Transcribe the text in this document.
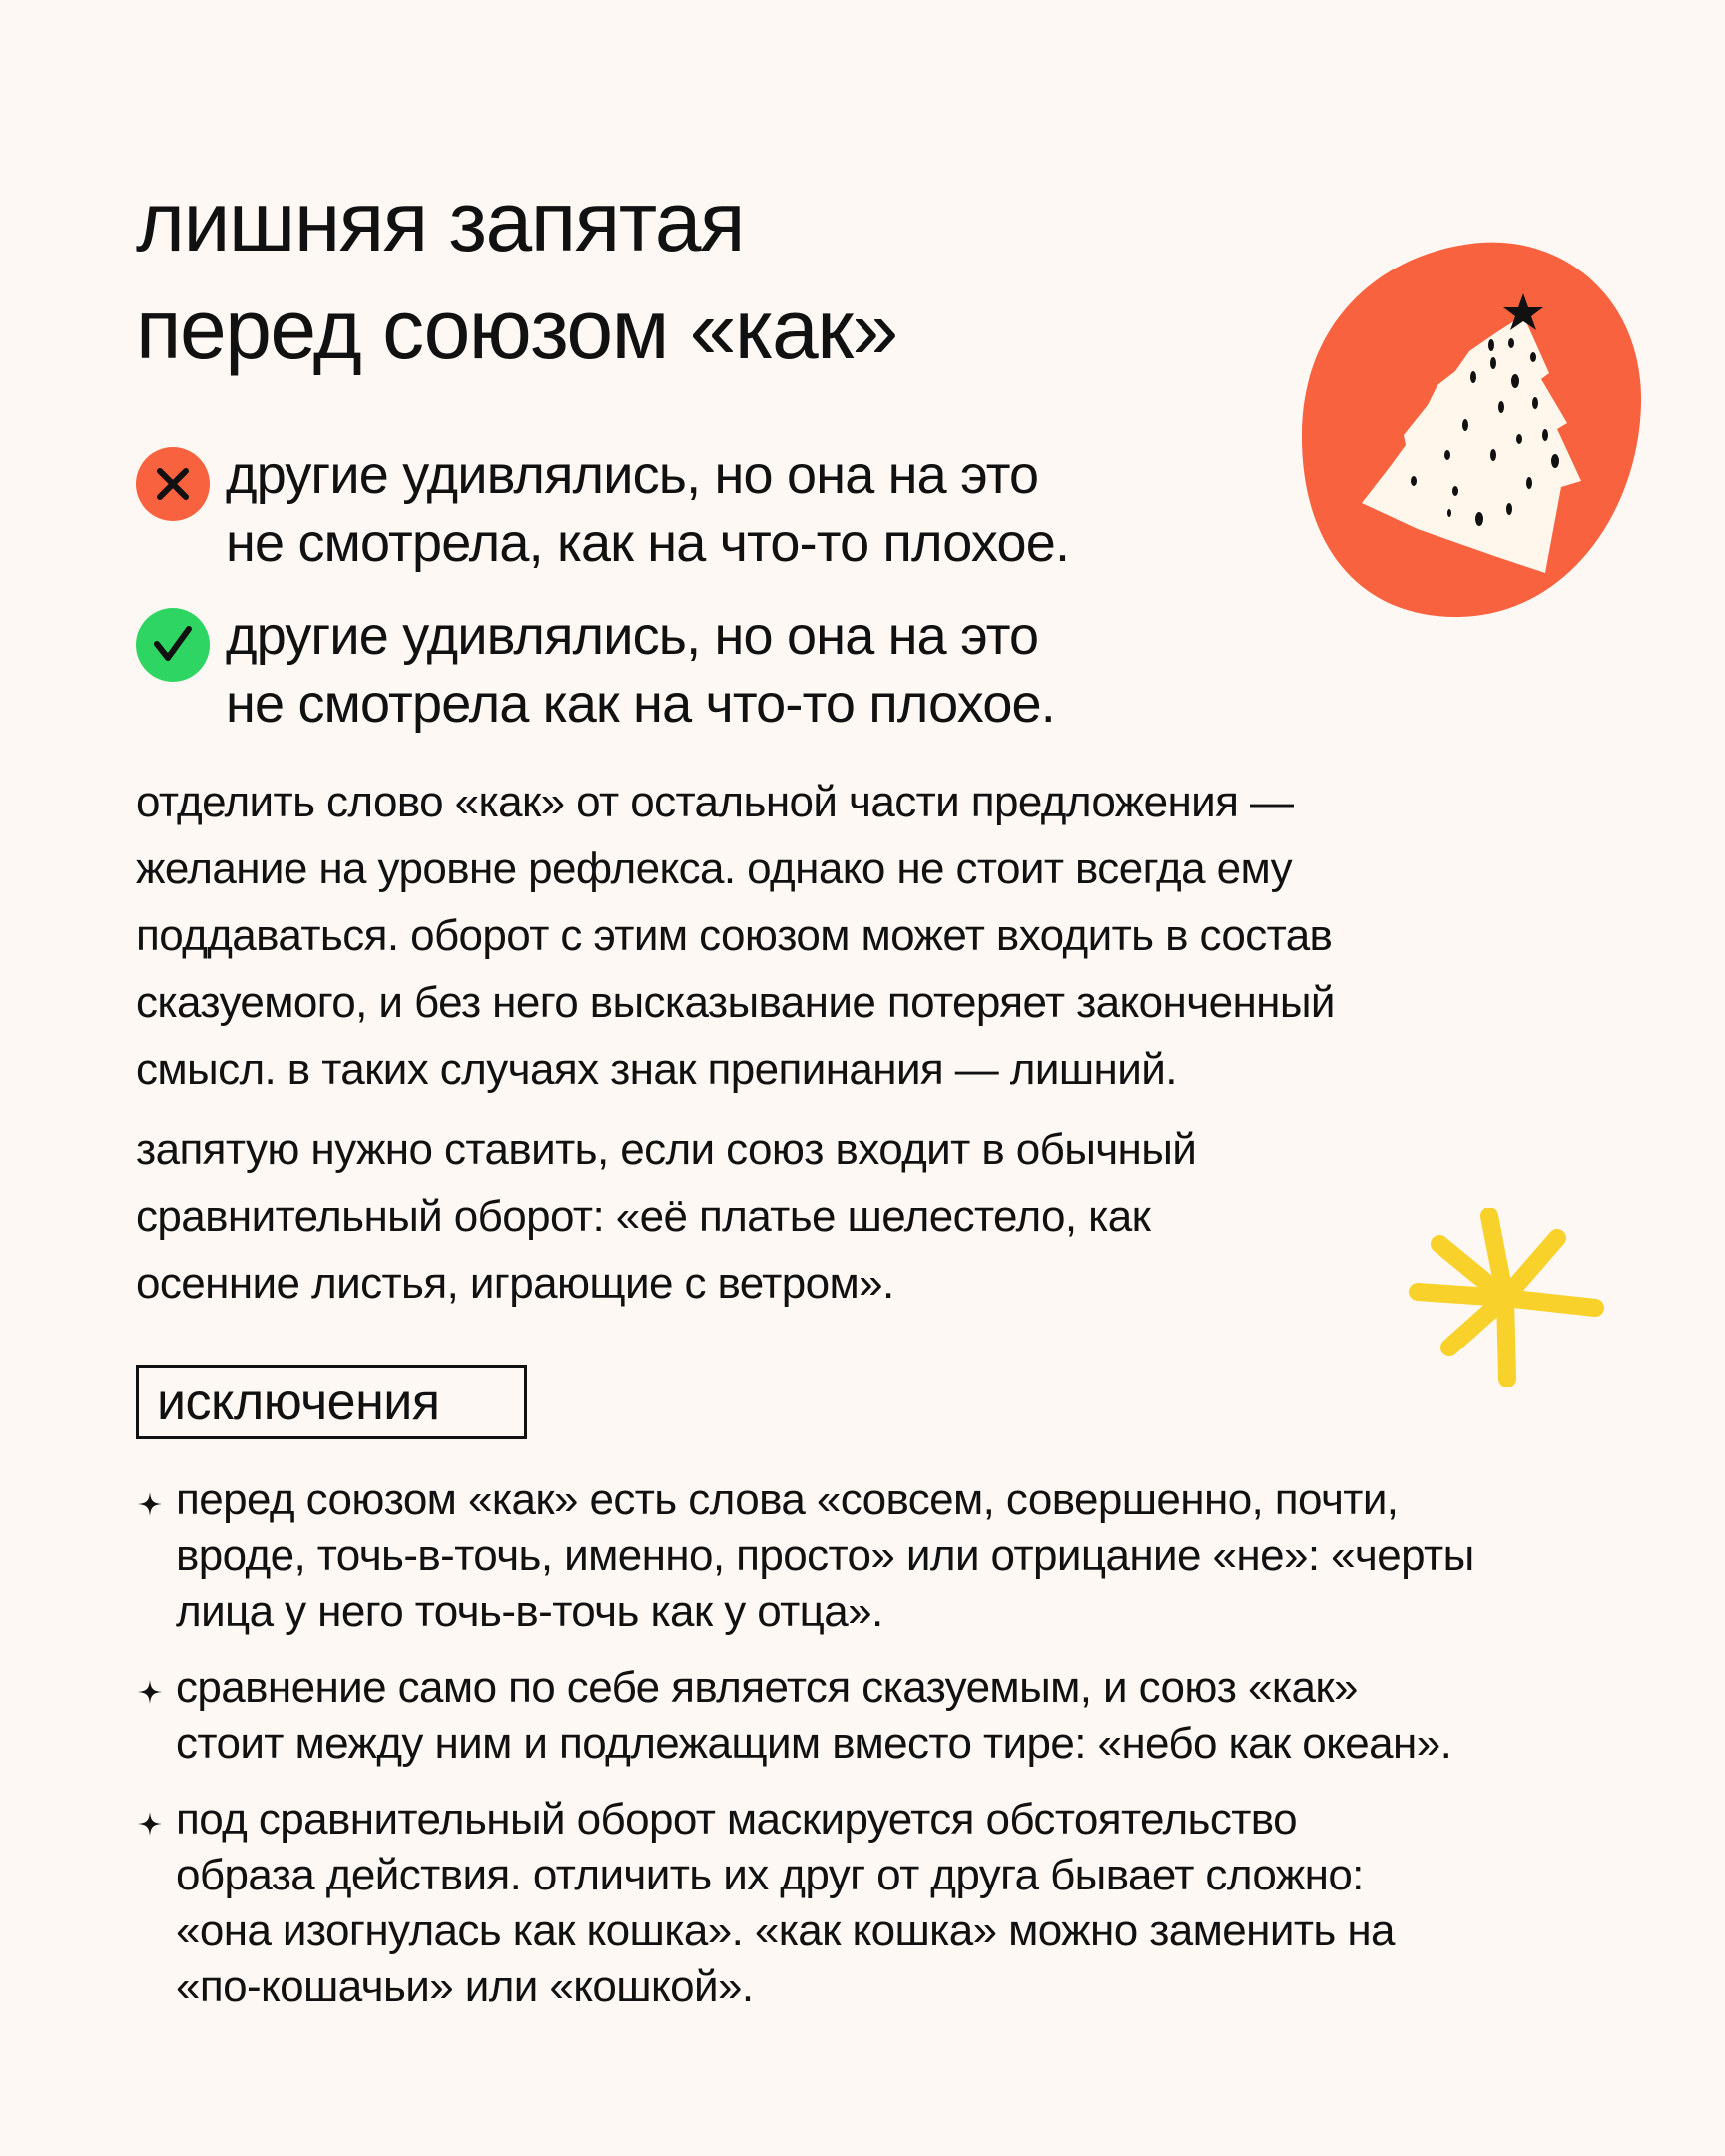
лишняя запятая
перед союзом «как»
другие удивлялись, но она на это
не смотрела, как на что-то плохое.
другие удивлялись, но она на это
не смотрела как на что-то плохое.
отделить слово «как» от остальной части предложения —
желание на уровне рефлекса. однако не стоит всегда ему
поддаваться. оборот с этим союзом может входить в состав
сказуемого, и без него высказывание потеряет законченный
смысл. в таких случаях знак препинания — лишний.
запятую нужно ставить, если союз входит в обычный
сравнительный оборот: «её платье шелестело, как
осенние листья, играющие с ветром».
исключения
перед союзом «как» есть слова «совсем, совершенно, почти,
вроде, точь-в-точь, именно, просто» или отрицание «не»: «черты
лица у него точь-в-точь как у отца».
сравнение само по себе является сказуемым, и союз «как»
стоит между ним и подлежащим вместо тире: «небо как океан».
под сравнительный оборот маскируется обстоятельство
образа действия. отличить их друг от друга бывает сложно:
«она изогнулась как кошка». «как кошка» можно заменить на
«по-кошачьи» или «кошкой».
